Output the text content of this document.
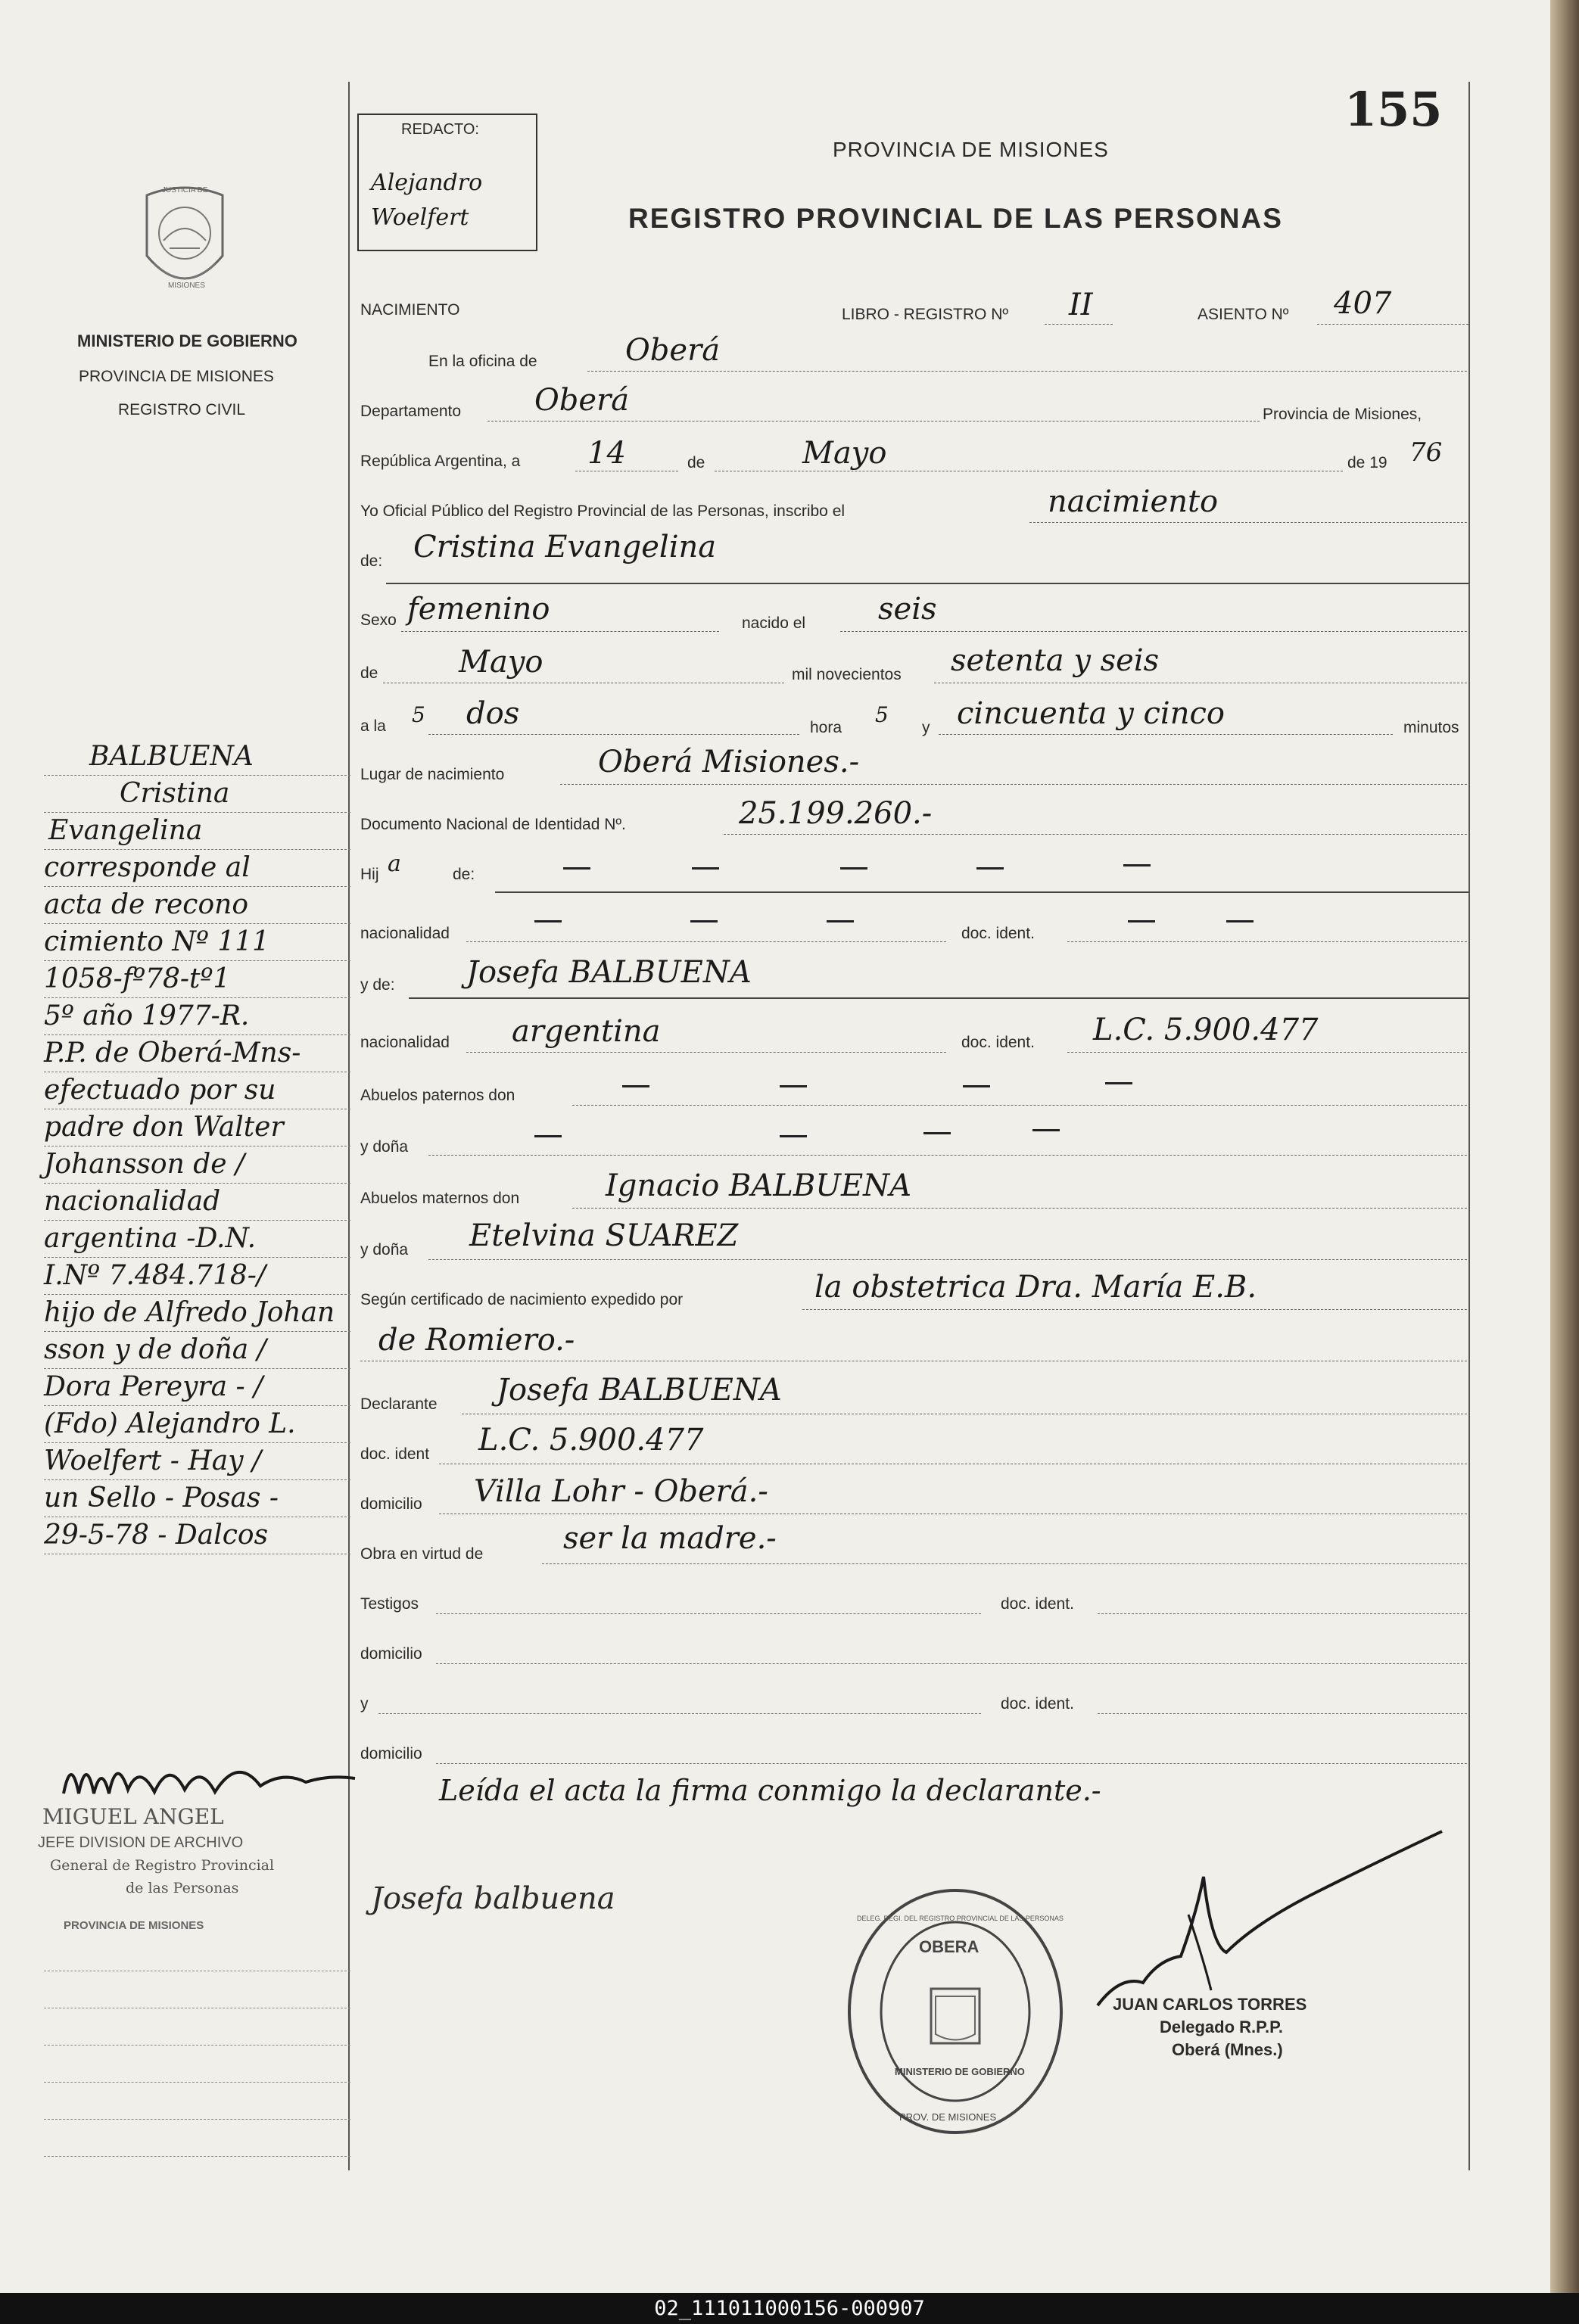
155
REDACTO:
Alejandro
Woelfert
PROVINCIA DE MISIONES
REGISTRO PROVINCIAL DE LAS PERSONAS
JUSTICIA DE
MISIONES
MINISTERIO DE GOBIERNO
PROVINCIA DE MISIONES
REGISTRO CIVIL
NACIMIENTO	LIBRO - REGISTRO Nº II	ASIENTO Nº 407
En la oficina de	Oberá
Departamento Oberá	Provincia de Misiones,
República Argentina, a 14	de	Mayo	de 19 76
Yo Oficial Público del Registro Provincial de las Personas, inscribo el	nacimiento
de: Cristina Evangelina
Sexo femenino	nacido el seis
de	Mayo	mil novecientos setenta y seis
a la 5 dos	hora
5
y cincuenta y cinco	minutos
Lugar de nacimiento	Oberá Misiones.-
Documento Nacional de Identidad Nº.	25.199.260.-
Hij a	de:
nacionalidad	doc. ident.
y de: Josefa BALBUENA
nacionalidad argentina	doc. ident. L.C. 5.900.477
Abuelos paternos don
y doña
Abuelos maternos don	Ignacio BALBUENA
y doña Etelvina SUAREZ
Según certificado de nacimiento expedido por	la obstetrica Dra. María E.B.
de Romiero.-
Declarante Josefa BALBUENA
doc. ident L.C. 5.900.477
domicilio Villa Lohr - Oberá.-
Obra en virtud de	ser la madre.-
Testigos	doc. ident.
domicilio
y	doc. ident.
domicilio
Leída el acta la firma conmigo la declarante.-
Josefa balbuena
BALBUENA
Cristina
Evangelina
corresponde al
acta de recono
cimiento Nº 111
1058-fº78-tº1
5º año 1977-R.
P.P. de Oberá-Mns-
efectuado por su
padre don Walter
Johansson de /
nacionalidad
argentina -D.N.
I.Nº 7.484.718-/
hijo de Alfredo Johan
sson y de doña /
Dora Pereyra - /
(Fdo) Alejandro L.
Woelfert - Hay /
un Sello - Posas -
29-5-78 - Dalcos
MIGUEL ANGEL
JEFE DIVISION DE ARCHIVO
General de Registro Provincial
de las Personas
PROVINCIA DE MISIONES
OBERA
DELEG. REGI. DEL REGISTRO PROVINCIAL DE LAS PERSONAS
MINISTERIO DE GOBIERNO
PROV. DE MISIONES
JUAN CARLOS TORRES
Delegado R.P.P.
Oberá (Mnes.)
02_111011000156-000907
